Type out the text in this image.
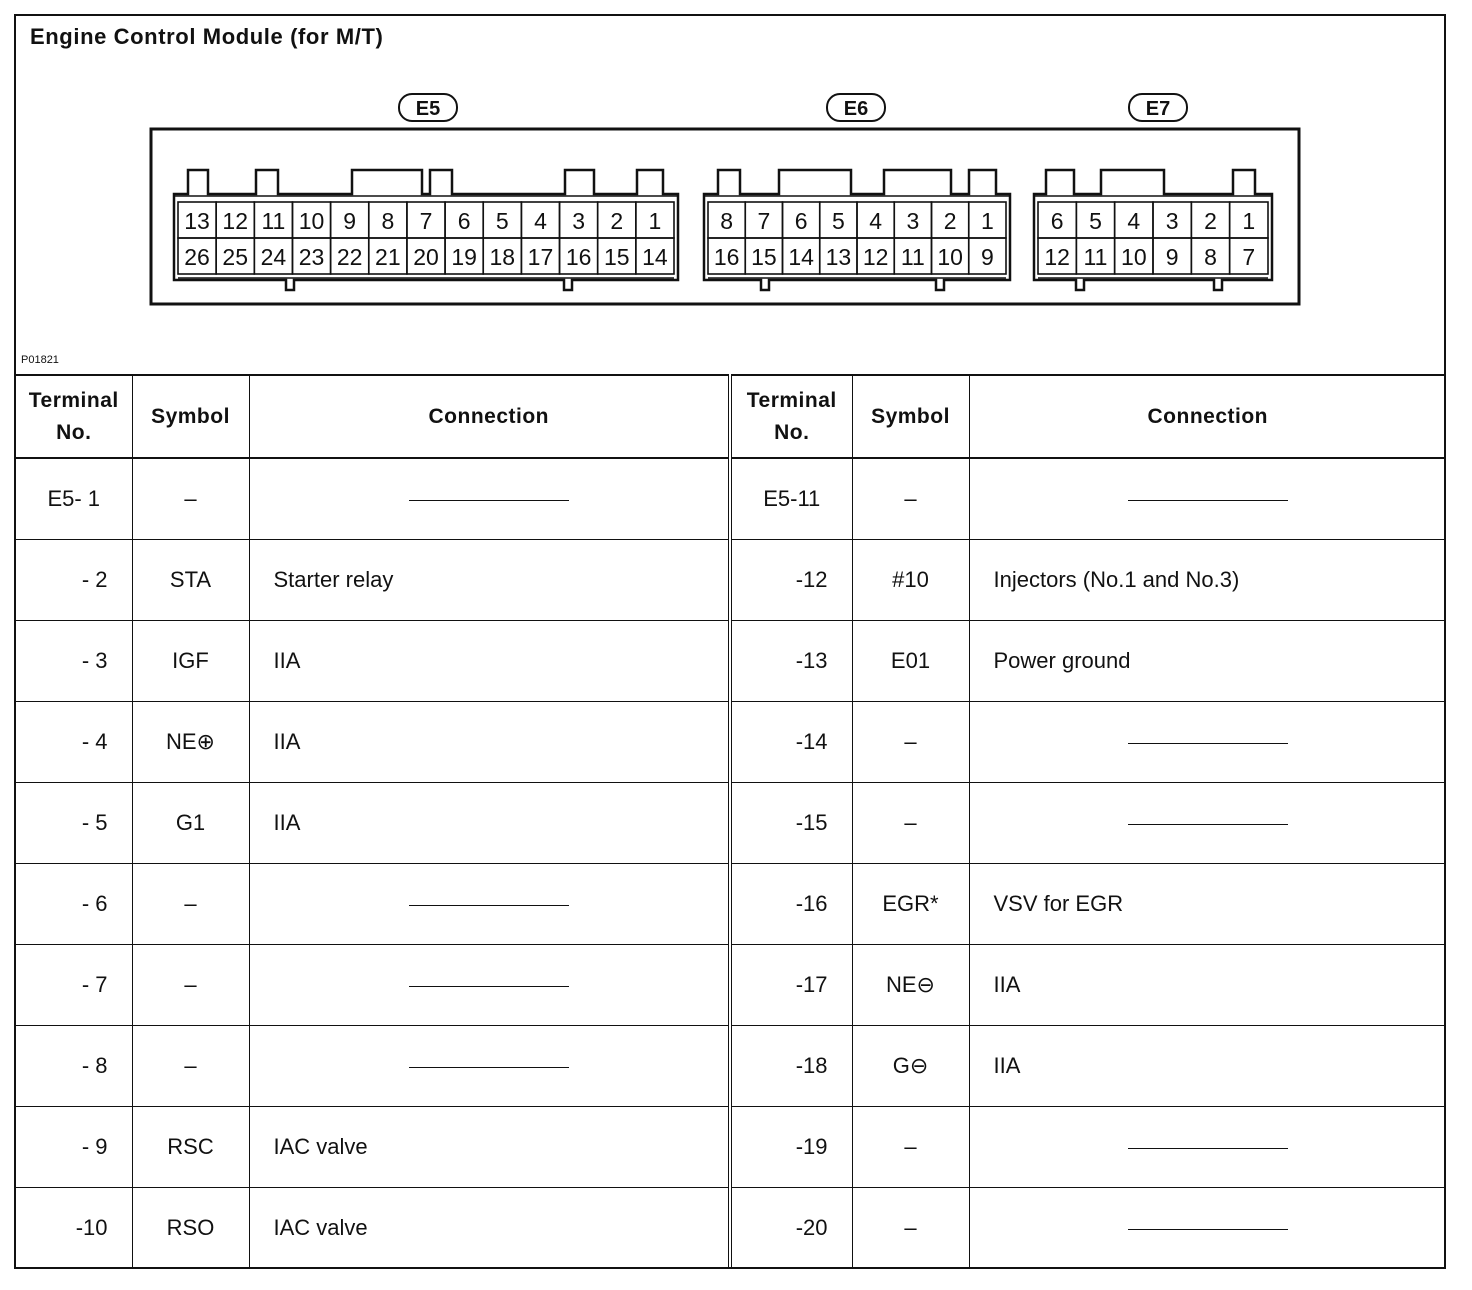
Engine Control Module (for M/T)
E5
13 12 11 10 9 8 7 6 5 4 3 2 1
26 25 24 23 22 21 20 19 18 17 16 15 14
E6
8 7 6 5 4 3 2 1
16 15 14 13 12 11 10 9
E7
6 5 4 3 2 1
12 11 10 9 8 7
P01821
Terminal No.	Symbol	Connection	Terminal No.	Symbol	Connection
E5- 1	–		E5-11	–	
- 2	STA	Starter relay	-12	#10	Injectors (No.1 and No.3)
- 3	IGF	IIA	-13	E01	Power ground
- 4	NE⊕	IIA	-14	–	
- 5	G1	IIA	-15	–	
- 6	–		-16	EGR*	VSV for EGR
- 7	–		-17	NE⊖	IIA
- 8	–		-18	G⊖	IIA
- 9	RSC	IAC valve	-19	–	
-10	RSO	IAC valve	-20	–	
